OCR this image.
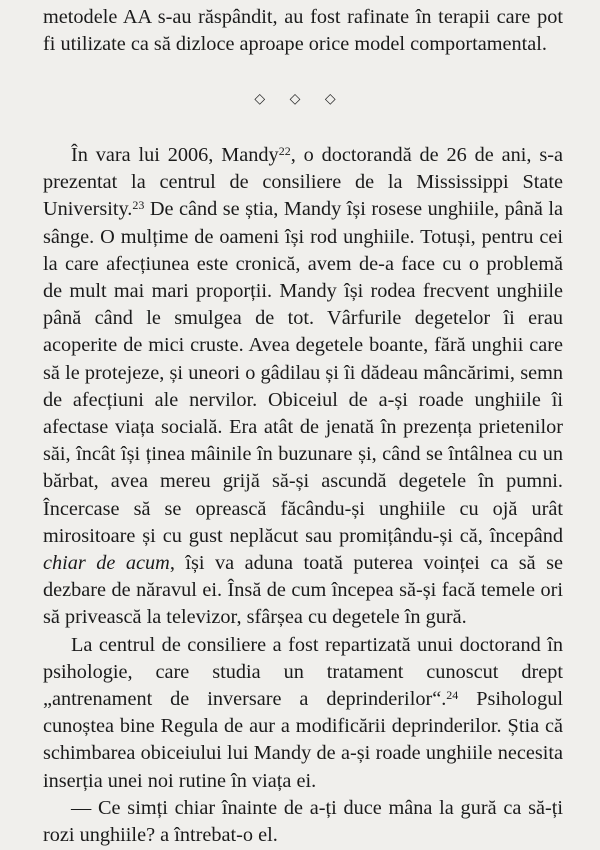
metodele AA s-au răspândit, au fost rafinate în terapii care pot
fi utilizate ca să dizloce aproape orice model comportamental.
◇ ◇ ◇

În vara lui 2006, Mandy$^{22}$, o doctorandă de 26 de ani, s-a prezentat la centrul de consiliere de la Mississippi State University.$^{23}$ De când se știa, Mandy își rosese unghiile, până la sânge. O mulțime de oameni își rod unghiile. Totuși, pentru cei la care afecțiunea este cronică, avem de-a face cu o problemă de mult mai mari proporții. Mandy își rodea frecvent unghiile până când le smulgea de tot. Vârfurile degetelor îi erau acoperite de mici cruste. Avea degetele boante, fără unghii care să le protejeze, și uneori o gâdilau și îi dădeau mâncărimi, semn de afecțiuni ale nervilor. Obiceiul de a-și roade unghiile îi afectase viața socială. Era atât de jenată în prezența prietenilor săi, încât își ținea mâinile în buzunare și, când se întâlnea cu un bărbat, avea mereu grijă să-și ascundă degetele în pumni. Încercase să se oprească făcându-și unghiile cu ojă urât mirositoare și cu gust neplăcut sau promițându-și că, începând chiar de acum, își va aduna toată puterea voinței ca să se dezbare de năravul ei. Însă de cum începea să-și facă temele ori să privească la televizor, sfârșea cu degetele în gură.

La centrul de consiliere a fost repartizată unui doctorand în psihologie, care studia un tratament cunoscut drept „antrenament de inversare a deprinderilor“.$^{24}$ Psihologul cunoștea bine Regula de aur a modificării deprinderilor. Știa că schimbarea obiceiului lui Mandy de a-și roade unghiile necesita inserția unei noi rutine în viața ei.

— Ce simți chiar înainte de a-ți duce mâna la gură ca să-ți rozi unghiile? a întrebat-o el.
